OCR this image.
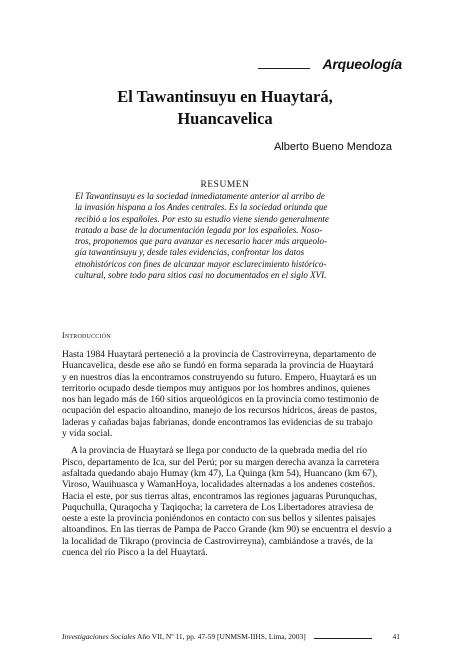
Arqueología
El Tawantinsuyu en Huaytará,
Huancavelica
Alberto Bueno Mendoza
RESUMEN
El Tawantinsuyu es la sociedad inmediatamente anterior al arribo de
la invasión hispana a los Andes centrales. Es la sociedad oriunda que
recibió a los españoles. Por esto su estudio viene siendo generalmente
tratado a base de la documentación legada por los españoles. Noso-
tros, proponemos que para avanzar es necesario hacer más arqueolo-
gía tawantinsuyu y, desde tales evidencias, confrontar los datos
etnohistóricos con fines de alcanzar mayor esclarecimiento histórico-
cultural, sobre todo para sitios casi no documentados en el siglo XVI.
Introducción
Hasta 1984 Huaytará perteneció a la provincia de Castrovirreyna, departamento de
Huancavelica, desde ese año se fundó en forma separada la provincia de Huaytará
y en nuestros días la encontramos construyendo su futuro. Empero, Huaytará es un
territorio ocupado desde tiempos muy antiguos por los hombres andinos, quienes
nos han legado más de 160 sitios arqueológicos en la provincia como testimonio de
ocupación del espacio altoandino, manejo de los recursos hídricos, áreas de pastos,
laderas y cañadas bajas fabrianas, donde encontramos las evidencias de su trabajo
y vida social.
A la provincia de Huaytará se llega por conducto de la quebrada media del río
Pisco, departamento de Ica, sur del Perú; por su margen derecha avanza la carretera
asfaltada quedando abajo Humay (km 47), La Quinga (km 54), Huancano (km 67),
Viroso, Wauihuasca y WamanHoya, localidades alternadas a los andenes costeños.
Hacia el este, por sus tierras altas, encontramos las regiones jaguaras Purunquchas,
Puquchulla, Quraqocha y Taqiqocha; la carretera de Los Libertadores atraviesa de
oeste a este la provincia poniéndonos en contacto con sus bellos y silentes paisajes
altoandinos. En las tierras de Pampa de Pacco Grande (km 90) se encuentra el desvío a
la localidad de Tikrapo (provincia de Castrovirreyna), cambiándose a través, de la
cuenca del río Pisco a la del Huaytará.
Investigaciones Sociales Año VII, Nº 11, pp. 47-59 [UNMSM-IIHS, Lima, 2003]	41
